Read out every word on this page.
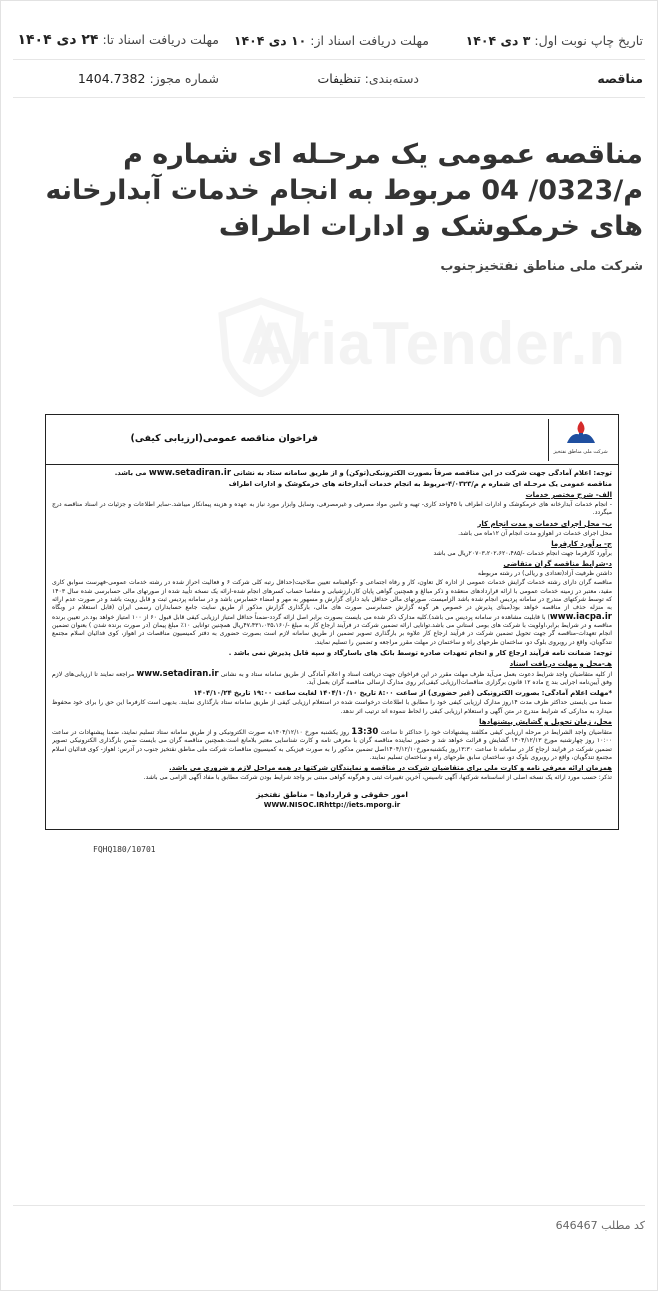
تاریخ چاپ نوبت اول: ۳ دی ۱۴۰۴
مهلت دریافت اسناد از: ۱۰ دی ۱۴۰۴
مهلت دریافت اسناد تا: ۲۴ دی ۱۴۰۴
مناقصه
دسته‌بندی: تنظیفات
شماره مجوز: 1404.7382
مناقصه عمومی یک مرحـله ای شماره م م/0323/ 04 مربوط به انجام خدمات آبدارخانه های خرمکوشک و ادارات اطراف
شرکت ملی مناطق نفتخیزجنوب
AriaTender.n
شرکت ملی مناطق نفتخیز
فراخوان مناقصه عمومی(ارزیابی کیفی)

توجه: اعلام آمادگی جهت شرکت در این مناقصه صرفاً بصورت الکترونیکی(توکن) و از طریق سامانه ستاد به نشانی www.setadiran.ir می باشد.

مناقصه عمومی یک مرحـله ای شماره م م/۴/۰۳۲۳-مربوط به انجام خدمات آبدارخانه های خرمکوشک و ادارات اطراف

الف- شرح مختصر خدمات

- انجام خدمات آبدارخانه های خرمکوشک و ادارات اطراف با ۴۵واحد کاری- تهیه و تامین مواد مصرفی و غیرمصرفی، وسایل وابزار مورد نیاز به عهده و هزینه پیمانکار میباشد.-سایر اطلاعات و جزئیات در اسناد مناقصه درج میگردد.

ب- محل اجرای خدمات و مدت انجام کار

محل اجرای خدمات در اهوازو مدت انجام آن ۱۲ماه می باشد.

ج- برآورد کارفرما

برآورد کارفرما جهت انجام خدمات -/۲۰۷۰۳،۲۰۲،۶۲۰،۴۸۵ریال می باشد

د-شرایط مناقصه گران متقاضی

داشتن ظرفیت آزاد(تعدادی و ریالی) در رشته مربوطه

مناقصه گران دارای رشته خدمات گرایش خدمات عمومی از اداره کل تعاون، کار و رفاه اجتماعی و -گواهینامه تعیین صلاحیت(حداقل رتبه کلی شرکت ۶ و فعالیت احراز شده در رشته خدمات عمومی-فهرست سوابق کاری مفید، معتبر در زمینه خدمات عمومی با ارائه قراردادهای منعقده و ذکر مبالغ و همچنین گواهی پایان کار،ارزشیابی و مفاصا حساب کسرهای انجام شده-ارائه یک نسخه تأیید شده از صورتهای مالی حسابرسی شده سال ۱۴۰۳ که توسط شرکتهای مندرج در سامانه پردیس انجام شده باشد الزامیست. صورتهای مالی حداقل باید دارای گزارش و مسهور به مهر و امضاء حسابرس باشد و در سامانه پردیس ثبت و قابل رویت باشد و در صورت عدم ارائه به منزله حذف از مناقصه خواهد بود(مبنای پذیرش در خصوص هر گونه گزارش حسابرسی صورت های مالی، بارگذاری گزارش مذکور از طریق سایت جامع حسابداران رسمی ایران (قابل استعلام در وبگاه www.iacpa.ir) با قابلیت مشاهده در سامانه پردیس می باشد).کلیه مدارک ذکر شده می بایست بصورت برابر اصل ارائه گردد-ضمناً حداقل امتیاز ارزیابی کیفی قابل قبول ۶۰ از ۱۰۰ امتیاز خواهد بود.در تعیین برنده مناقصه و در شرایط برابر،اولویت با شرکت های بومی استانی می باشد.توانایی ارائه تضمین شرکت در فرآیند ارجاع کار به مبلغ -/۴۷،۴۳۱،۰۳۵،۱۶۰ریال همچنین توانایی ۱۰٪ مبلغ پیمان (در صورت برنده شدن ) بعنوان تضمین انجام تعهدات-مناقصه گر جهت تحویل تضمین شرکت در فرآیند ارجاع کار علاوه بر بارگذاری تصویر تضمین از طریق سامانه لازم است بصورت حضوری به دفتر کمیسیون مناقصات در اهواز، کوی فدائیان اسلام مجتمع تندگویان، واقع در روبروی بلوک دو، ساختمان طرحهای راه و ساختمان در مهلت مقرر مراجعه و تضمین را تسلیم نمایند.

توجه: ضمانت نامه فرآیند ارجاع کار و انجام تعهدات صادره توسط بانک های باسارگاد و سپه قابل پذیرش نمی باشد .

هـ-محل و مهلت دریافت اسناد

از کلیه متقاضیان واجد شرایط دعوت بعمل می‌آید ظرف مهلت مقرر در این فراخوان جهت دریافت اسناد و اعلام آمادگی از طریق سامانه ستاد و به نشانی www.setadiran.ir مراجعه نمایند تا ارزیابی‌های لازم وفق آیین‌نامه اجرایی بند ج ماده ۱۲ قانون برگزاری مناقصات(ارزیابی کیفی)بر روی مدارک ارسالی مناقصه گران بعمل آید.

*مهلت اعلام آمادگی: بصورت الکترونیکی (غیر حضوری) از ساعت ۸:۰۰ تاریخ ۱۴۰۴/۱۰/۱۰ لغایت ساعت ۱۹:۰۰ تاریخ ۱۴۰۴/۱۰/۲۴

ضمنا می بایستی حداکثر ظرف مدت ۱۴روز مدارک ارزیابی کیفی خود را مطابق با اطلاعات درخواست شده در استعلام ارزیابی کیفی از طریق سامانه ستاد بارگذاری نمایند. بدیهی است کارفرما این حق را برای خود محفوظ میدارد به مدارکی که شرایط مندرج در متن آگهی و استعلام ارزیابی کیفی را لحاظ ننموده اند ترتیب اثر ندهد.

محل، زمان تحویل و گشایش پیشنهادها

متقاضیان واجد الشرایط در مرحله ارزیابی کیفی مکلفند پیشنهادات خود را حداکثر تا ساعت 13:30 روز یکشنبه مورخ ۱۴۰۴/۱۲/۱۰به صورت الکترونیکی و از طریق سامانه ستاد تسلیم نمایند، ضمنا پیشنهادات در ساعت ۱۰:۰۰ روز چهارشنبه مورخ ۱۴۰۴/۱۲/۱۳ گشایش و قرائت خواهد شد و حضور نماینده مناقصه گران با معرفی نامه و کارت شناسایی معتبر بلامانع است.همچنین مناقصه گران می بایست ضمن بارگذاری الکترونیکی تصویر تضمین شرکت در فرایند ارجاع کار در سامانه تا ساعت ۱۳:۳۰روز یکشنبه‌مورخ۱۴۰۴/۱۲/۱۰اصل تضمین مذکور را به صورت فیزیکی به کمیسیون مناقصات شرکت ملی مناطق نفتخیز جنوب در آدرس: اهواز- کوی فدائیان اسلام مجتمع تندگویان، واقع در روبروی بلوک دو، ساختمان سابق طرحهای راه و ساختمان تسلیم نمایند.

همزمان ارائه معرفی نامه و کارت ملی برای متقاضیان شرکت در مناقصه و نمایندگان شرکتها در همه مراحل لازم و ضروری می باشد.

تذکر: حسب مورد ارائه یک نسخه اصلی از اساسنامه شرکتها، آگهی تاسیس، آخرین تغییرات ثبتی و هرگونه گواهی مبتنی بر واجد شرایط بودن شرکت مطابق با مفاد آگهی الزامی می باشد.

امور حقوقی و قراردادها – مناطق نفتخیز

WWW.NISOC.IRhttp://iets.mporg.ir

FQHQ180/10701
کد مطلب 646467
